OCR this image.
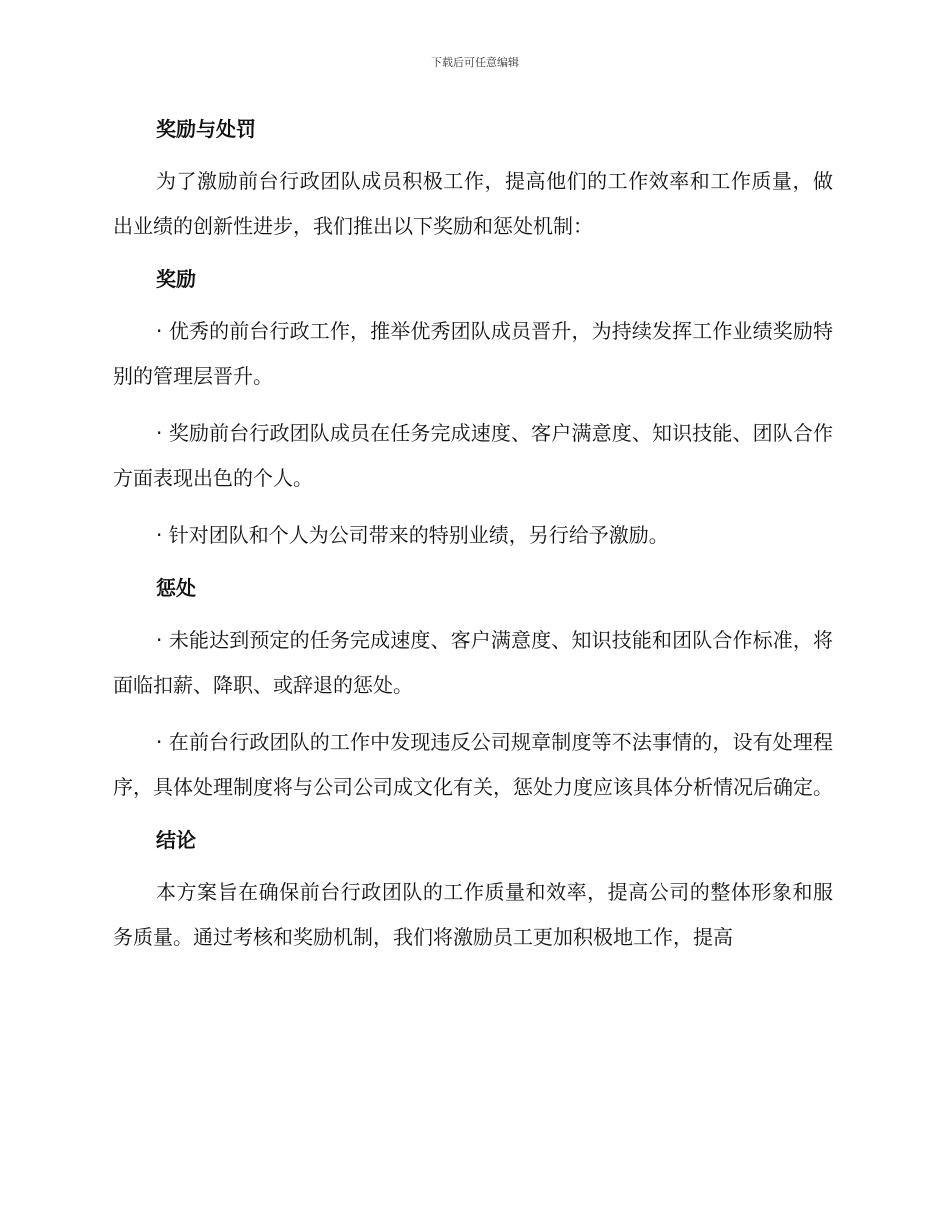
下载后可任意编辑

奖励与处罚

为了激励前台行政团队成员积极工作，提高他们的工作效率和工作质量，做出业绩的创新性进步，我们推出以下奖励和惩处机制：

奖励

· 优秀的前台行政工作，推举优秀团队成员晋升，为持续发挥工作业绩奖励特别的管理层晋升。

· 奖励前台行政团队成员在任务完成速度、客户满意度、知识技能、团队合作方面表现出色的个人。

· 针对团队和个人为公司带来的特别业绩，另行给予激励。

惩处

· 未能达到预定的任务完成速度、客户满意度、知识技能和团队合作标准，将面临扣薪、降职、或辞退的惩处。

· 在前台行政团队的工作中发现违反公司规章制度等不法事情的，设有处理程序，具体处理制度将与公司公司成文化有关，惩处力度应该具体分析情况后确定。

结论

本方案旨在确保前台行政团队的工作质量和效率，提高公司的整体形象和服务质量。通过考核和奖励机制，我们将激励员工更加积极地工作，提高
